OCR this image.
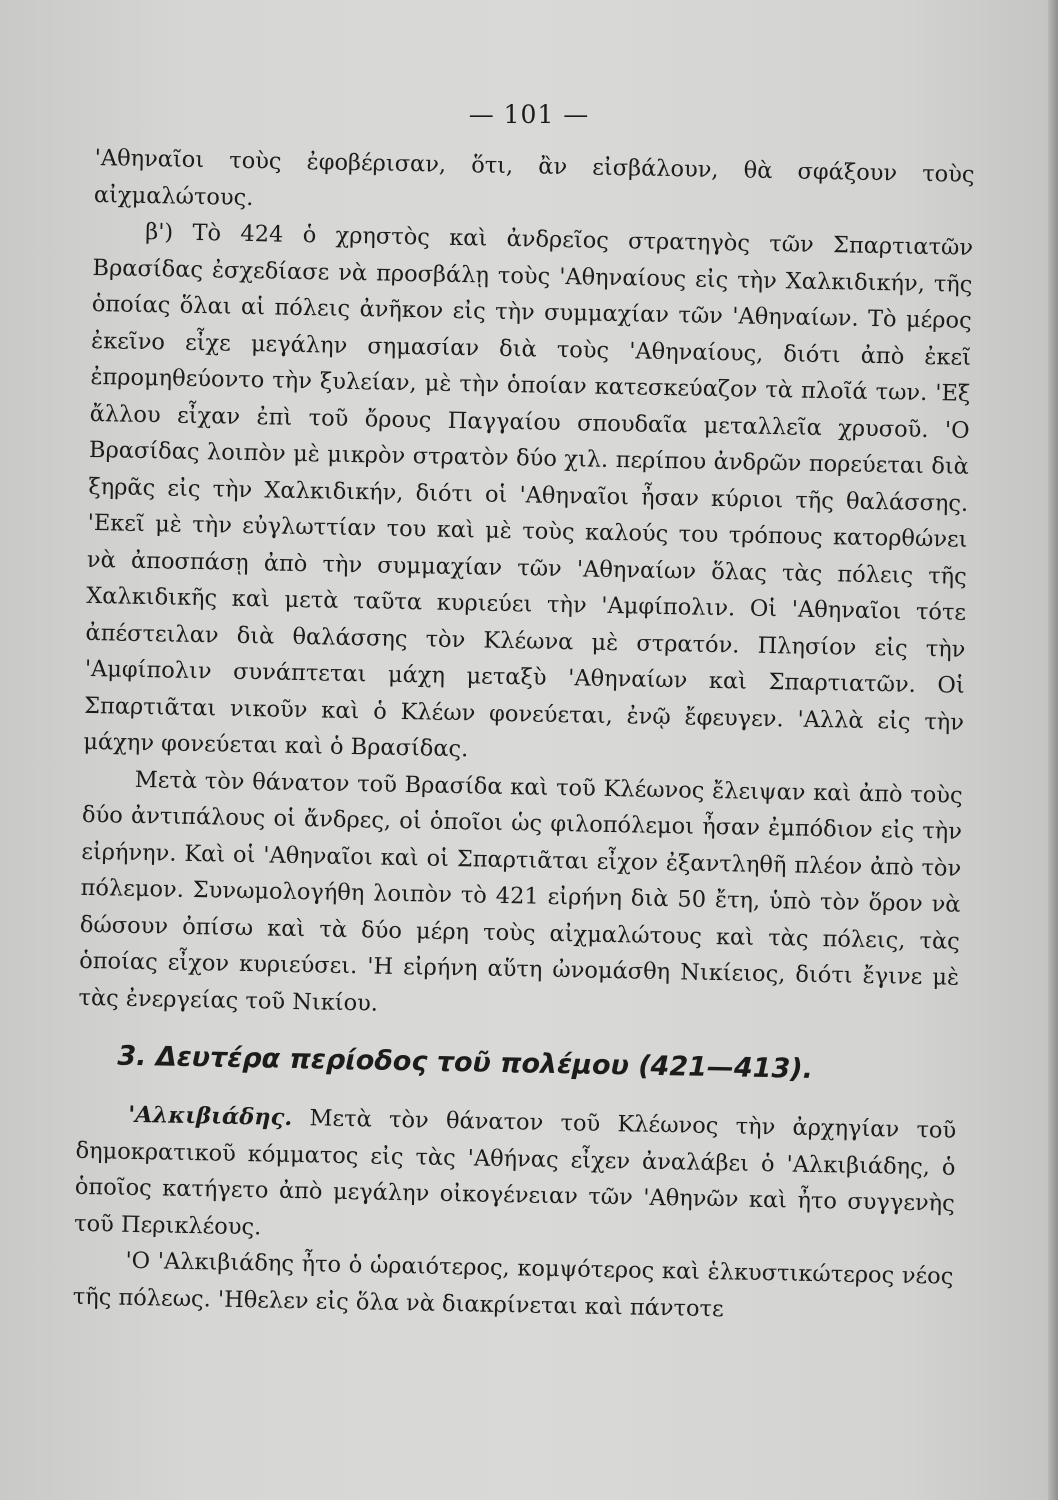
— 101 —

'Αθηναῖοι τοὺς ἐφοβέρισαν, ὅτι, ἂν εἰσβάλουν, θὰ σφάξουν τοὺς αἰχμαλώτους.

β') Τὸ 424 ὁ χρηστὸς καὶ ἀνδρεῖος στρατηγὸς τῶν Σπαρτιατῶν Βρασίδας ἐσχεδίασε νὰ προσβάλῃ τοὺς 'Αθηναίους εἰς τὴν Χαλκιδικήν, τῆς ὁποίας ὅλαι αἱ πόλεις ἀνῆκον εἰς τὴν συμμαχίαν τῶν 'Αθηναίων. Τὸ μέρος ἐκεῖνο εἶχε μεγάλην σημασίαν διὰ τοὺς 'Αθηναίους, διότι ἀπὸ ἐκεῖ ἐπρομηθεύοντο τὴν ξυλείαν, μὲ τὴν ὁποίαν κατεσκεύαζον τὰ πλοῖά των. 'Εξ ἄλλου εἶχαν ἐπὶ τοῦ ὄρους Παγγαίου σπουδαῖα μεταλλεῖα χρυσοῦ. 'Ο Βρασίδας λοιπὸν μὲ μικρὸν στρατὸν δύο χιλ. περίπου ἀνδρῶν πορεύεται διὰ ξηρᾶς εἰς τὴν Χαλκιδικήν, διότι οἱ 'Αθηναῖοι ἦσαν κύριοι τῆς θαλάσσης. 'Εκεῖ μὲ τὴν εὐγλωττίαν του καὶ μὲ τοὺς καλούς του τρόπους κατορθώνει νὰ ἀποσπάσῃ ἀπὸ τὴν συμμαχίαν τῶν 'Αθηναίων ὅλας τὰς πόλεις τῆς Χαλκιδικῆς καὶ μετὰ ταῦτα κυριεύει τὴν 'Αμφίπολιν. Οἱ 'Αθηναῖοι τότε ἀπέστειλαν διὰ θαλάσσης τὸν Κλέωνα μὲ στρατόν. Πλησίον εἰς τὴν 'Αμφίπολιν συνάπτεται μάχη μεταξὺ 'Αθηναίων καὶ Σπαρτιατῶν. Οἱ Σπαρτιᾶται νικοῦν καὶ ὁ Κλέων φονεύεται, ἐνῷ ἔφευγεν. 'Αλλὰ εἰς τὴν μάχην φονεύεται καὶ ὁ Βρασίδας.

Μετὰ τὸν θάνατον τοῦ Βρασίδα καὶ τοῦ Κλέωνος ἔλειψαν καὶ ἀπὸ τοὺς δύο ἀντιπάλους οἱ ἄνδρες, οἱ ὁποῖοι ὡς φιλοπόλεμοι ἦσαν ἐμπόδιον εἰς τὴν εἰρήνην. Καὶ οἱ 'Αθηναῖοι καὶ οἱ Σπαρτιᾶται εἶχον ἐξαντληθῆ πλέον ἀπὸ τὸν πόλεμον. Συνωμολογήθη λοιπὸν τὸ 421 εἰρήνη διὰ 50 ἔτη, ὑπὸ τὸν ὅρον νὰ δώσουν ὀπίσω καὶ τὰ δύο μέρη τοὺς αἰχμαλώτους καὶ τὰς πόλεις, τὰς ὁποίας εἶχον κυριεύσει. 'Η εἰρήνη αὕτη ὠνομάσθη Νικίειος, διότι ἔγινε μὲ τὰς ἐνεργείας τοῦ Νικίου.

3. Δευτέρα περίοδος τοῦ πολέμου (421—413).

'Αλκιβιάδης. Μετὰ τὸν θάνατον τοῦ Κλέωνος τὴν ἀρχηγίαν τοῦ δημοκρατικοῦ κόμματος εἰς τὰς 'Αθήνας εἶχεν ἀναλάβει ὁ 'Αλκιβιάδης, ὁ ὁποῖος κατήγετο ἀπὸ μεγάλην οἰκογένειαν τῶν 'Αθηνῶν καὶ ἦτο συγγενὴς τοῦ Περικλέους.

'Ο 'Αλκιβιάδης ἦτο ὁ ὡραιότερος, κομψότερος καὶ ἑλκυστικώτερος νέος τῆς πόλεως. 'Ηθελεν εἰς ὅλα νὰ διακρίνεται καὶ πάντοτε
